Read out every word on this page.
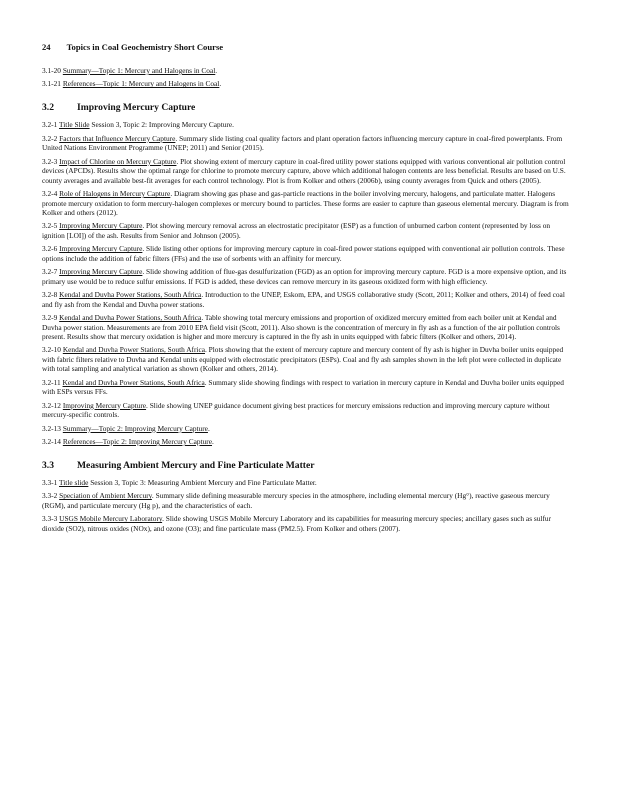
24 Topics in Coal Geochemistry Short Course

3.1-20 Summary—Topic 1: Mercury and Halogens in Coal.

3.1-21 References—Topic 1: Mercury and Halogens in Coal.

3.2 Improving Mercury Capture

3.2-1 Title Slide Session 3, Topic 2: Improving Mercury Capture.

3.2-2 Factors that Influence Mercury Capture. Summary slide listing coal quality factors and plant operation factors influencing mercury capture in coal-fired powerplants. From United Nations Environment Programme (UNEP; 2011) and Senior (2015).

3.2-3 Impact of Chlorine on Mercury Capture. Plot showing extent of mercury capture in coal-fired utility power stations equipped with various conventional air pollution control devices (APCDs). Results show the optimal range for chlorine to promote mercury capture, above which additional halogen contents are less beneficial. Results are based on U.S. county averages and available best-fit averages for each control technology. Plot is from Kolker and others (2006b), using county averages from Quick and others (2005).

3.2-4 Role of Halogens in Mercury Capture. Diagram showing gas phase and gas-particle reactions in the boiler involving mercury, halogens, and particulate matter. Halogens promote mercury oxidation to form mercury-halogen complexes or mercury bound to particles. These forms are easier to capture than gaseous elemental mercury. Diagram is from Kolker and others (2012).

3.2-5 Improving Mercury Capture. Plot showing mercury removal across an electrostatic precipitator (ESP) as a function of unburned carbon content (represented by loss on ignition [LOI]) of the ash. Results from Senior and Johnson (2005).

3.2-6 Improving Mercury Capture. Slide listing other options for improving mercury capture in coal-fired power stations equipped with conventional air pollution controls. These options include the addition of fabric filters (FFs) and the use of sorbents with an affinity for mercury.

3.2-7 Improving Mercury Capture. Slide showing addition of flue-gas desulfurization (FGD) as an option for improving mercury capture. FGD is a more expensive option, and its primary use would be to reduce sulfur emissions. If FGD is added, these devices can remove mercury in its gaseous oxidized form with high efficiency.

3.2-8 Kendal and Duvha Power Stations, South Africa. Introduction to the UNEP, Eskom, EPA, and USGS collaborative study (Scott, 2011; Kolker and others, 2014) of feed coal and fly ash from the Kendal and Duvha power stations.

3.2-9 Kendal and Duvha Power Stations, South Africa. Table showing total mercury emissions and proportion of oxidized mercury emitted from each boiler unit at Kendal and Duvha power station. Measurements are from 2010 EPA field visit (Scott, 2011). Also shown is the concentration of mercury in fly ash as a function of the air pollution controls present. Results show that mercury oxidation is higher and more mercury is captured in the fly ash in units equipped with fabric filters (Kolker and others, 2014).

3.2-10 Kendal and Duvha Power Stations, South Africa. Plots showing that the extent of mercury capture and mercury content of fly ash is higher in Duvha boiler units equipped with fabric filters relative to Duvha and Kendal units equipped with electrostatic precipitators (ESPs). Coal and fly ash samples shown in the left plot were collected in duplicate with total sampling and analytical variation as shown (Kolker and others, 2014).

3.2-11 Kendal and Duvha Power Stations, South Africa. Summary slide showing findings with respect to variation in mercury capture in Kendal and Duvha boiler units equipped with ESPs versus FFs.

3.2-12 Improving Mercury Capture. Slide showing UNEP guidance document giving best practices for mercury emissions reduction and improving mercury capture without mercury-specific controls.

3.2-13 Summary—Topic 2: Improving Mercury Capture.

3.2-14 References—Topic 2: Improving Mercury Capture.

3.3 Measuring Ambient Mercury and Fine Particulate Matter

3.3-1 Title slide Session 3, Topic 3: Measuring Ambient Mercury and Fine Particulate Matter.

3.3-2 Speciation of Ambient Mercury. Summary slide defining measurable mercury species in the atmosphere, including elemental mercury (Hg°), reactive gaseous mercury (RGM), and particulate mercury (Hg p), and the characteristics of each.

3.3-3 USGS Mobile Mercury Laboratory. Slide showing USGS Mobile Mercury Laboratory and its capabilities for measuring mercury species; ancillary gases such as sulfur dioxide (SO2), nitrous oxides (NOx), and ozone (O3); and fine particulate mass (PM2.5). From Kolker and others (2007).
